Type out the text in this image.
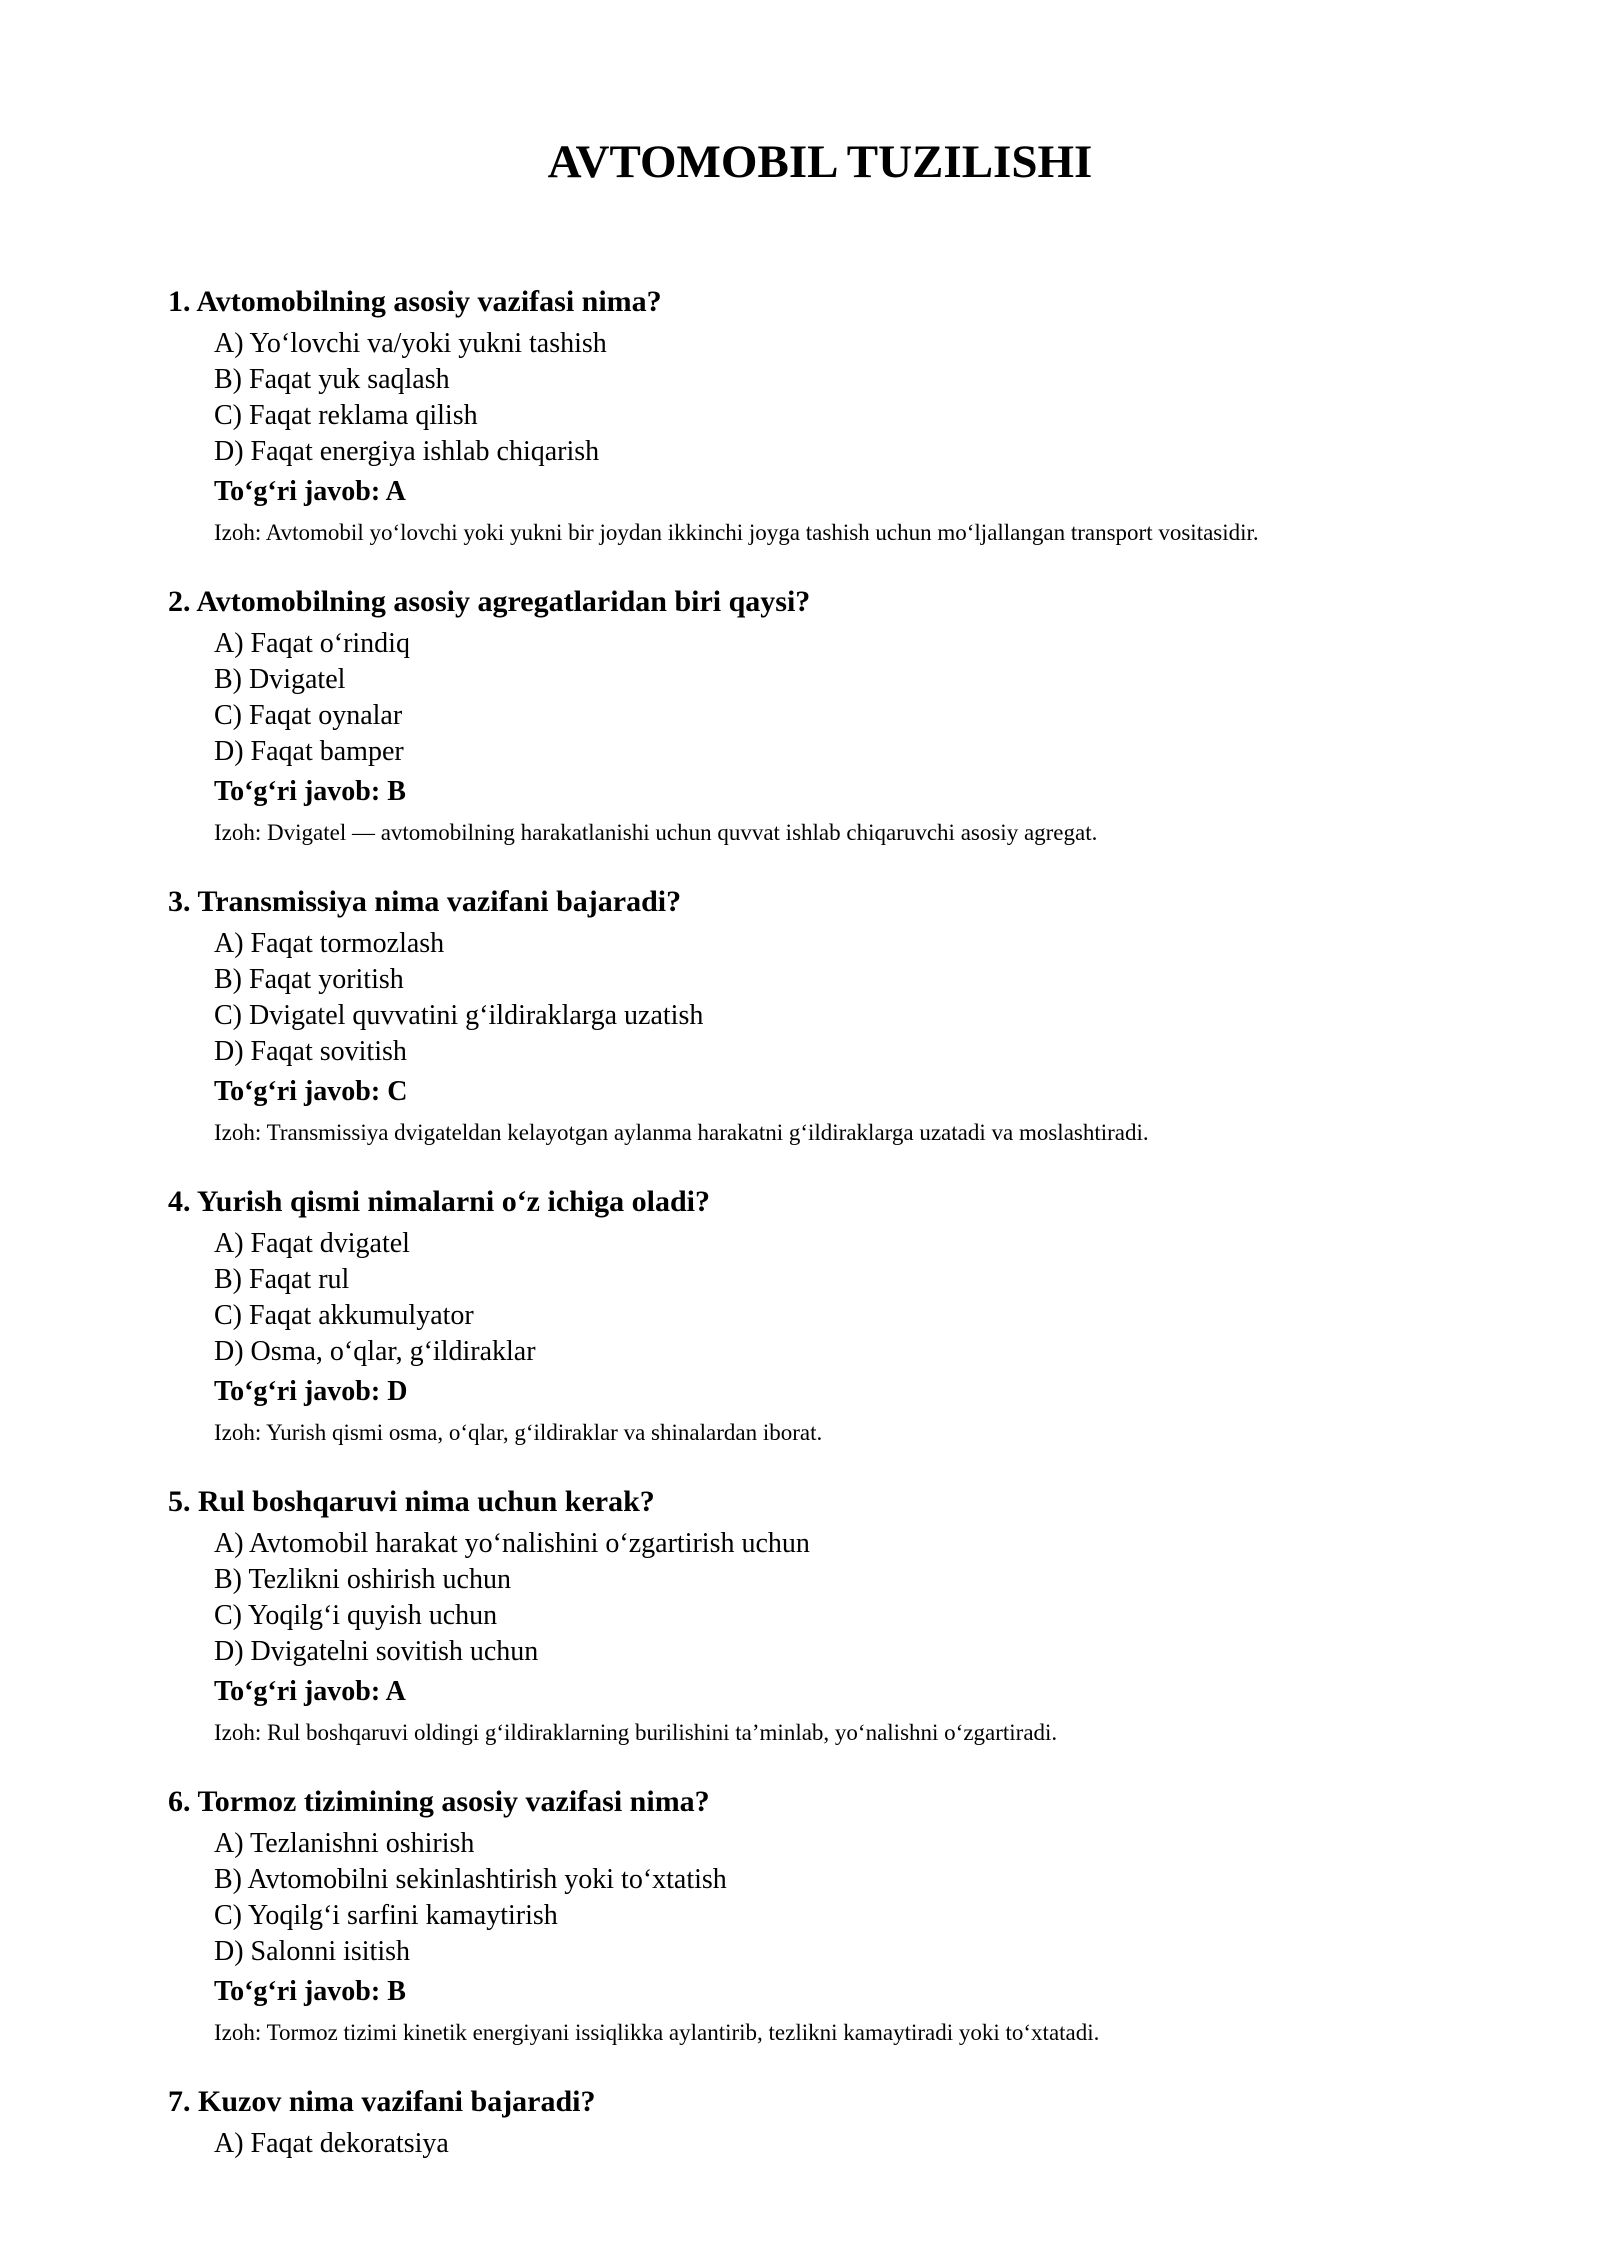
AVTOMOBIL TUZILISHI
1. Avtomobilning asosiy vazifasi nima?
A) Yo‘lovchi va/yoki yukni tashish
B) Faqat yuk saqlash
C) Faqat reklama qilish
D) Faqat energiya ishlab chiqarish
To‘g‘ri javob: A
Izoh: Avtomobil yo‘lovchi yoki yukni bir joydan ikkinchi joyga tashish uchun mo‘ljallangan transport vositasidir.
2. Avtomobilning asosiy agregatlaridan biri qaysi?
A) Faqat o‘rindiq
B) Dvigatel
C) Faqat oynalar
D) Faqat bamper
To‘g‘ri javob: B
Izoh: Dvigatel — avtomobilning harakatlanishi uchun quvvat ishlab chiqaruvchi asosiy agregat.
3. Transmissiya nima vazifani bajaradi?
A) Faqat tormozlash
B) Faqat yoritish
C) Dvigatel quvvatini g‘ildiraklarga uzatish
D) Faqat sovitish
To‘g‘ri javob: C
Izoh: Transmissiya dvigateldan kelayotgan aylanma harakatni g‘ildiraklarga uzatadi va moslashtiradi.
4. Yurish qismi nimalarni o‘z ichiga oladi?
A) Faqat dvigatel
B) Faqat rul
C) Faqat akkumulyator
D) Osma, o‘qlar, g‘ildiraklar
To‘g‘ri javob: D
Izoh: Yurish qismi osma, o‘qlar, g‘ildiraklar va shinalardan iborat.
5. Rul boshqaruvi nima uchun kerak?
A) Avtomobil harakat yo‘nalishini o‘zgartirish uchun
B) Tezlikni oshirish uchun
C) Yoqilg‘i quyish uchun
D) Dvigatelni sovitish uchun
To‘g‘ri javob: A
Izoh: Rul boshqaruvi oldingi g‘ildiraklarning burilishini ta’minlab, yo‘nalishni o‘zgartiradi.
6. Tormoz tizimining asosiy vazifasi nima?
A) Tezlanishni oshirish
B) Avtomobilni sekinlashtirish yoki to‘xtatish
C) Yoqilg‘i sarfini kamaytirish
D) Salonni isitish
To‘g‘ri javob: B
Izoh: Tormoz tizimi kinetik energiyani issiqlikka aylantirib, tezlikni kamaytiradi yoki to‘xtatadi.
7. Kuzov nima vazifani bajaradi?
A) Faqat dekoratsiya
